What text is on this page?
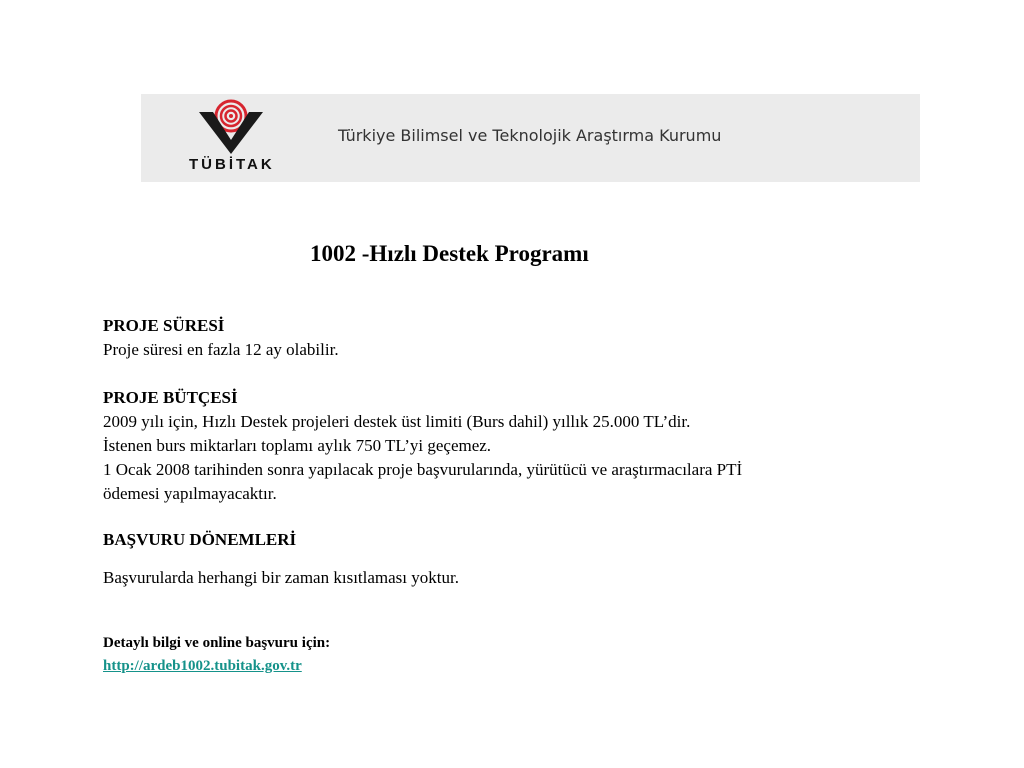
TÜBİTAK
Türkiye Bilimsel ve Teknolojik Araştırma Kurumu
1002 -Hızlı Destek Programı
PROJE SÜRESİ
Proje süresi en fazla 12 ay olabilir.
PROJE BÜTÇESİ
2009 yılı için, Hızlı Destek projeleri destek üst limiti (Burs dahil) yıllık 25.000 TL’dir.
İstenen burs miktarları toplamı aylık 750 TL’yi geçemez.
1 Ocak 2008 tarihinden sonra yapılacak proje başvurularında, yürütücü ve araştırmacılara PTİ
ödemesi yapılmayacaktır.
BAŞVURU DÖNEMLERİ
Başvurularda herhangi bir zaman kısıtlaması yoktur.
Detaylı bilgi ve online başvuru için:
http://ardeb1002.tubitak.gov.tr
